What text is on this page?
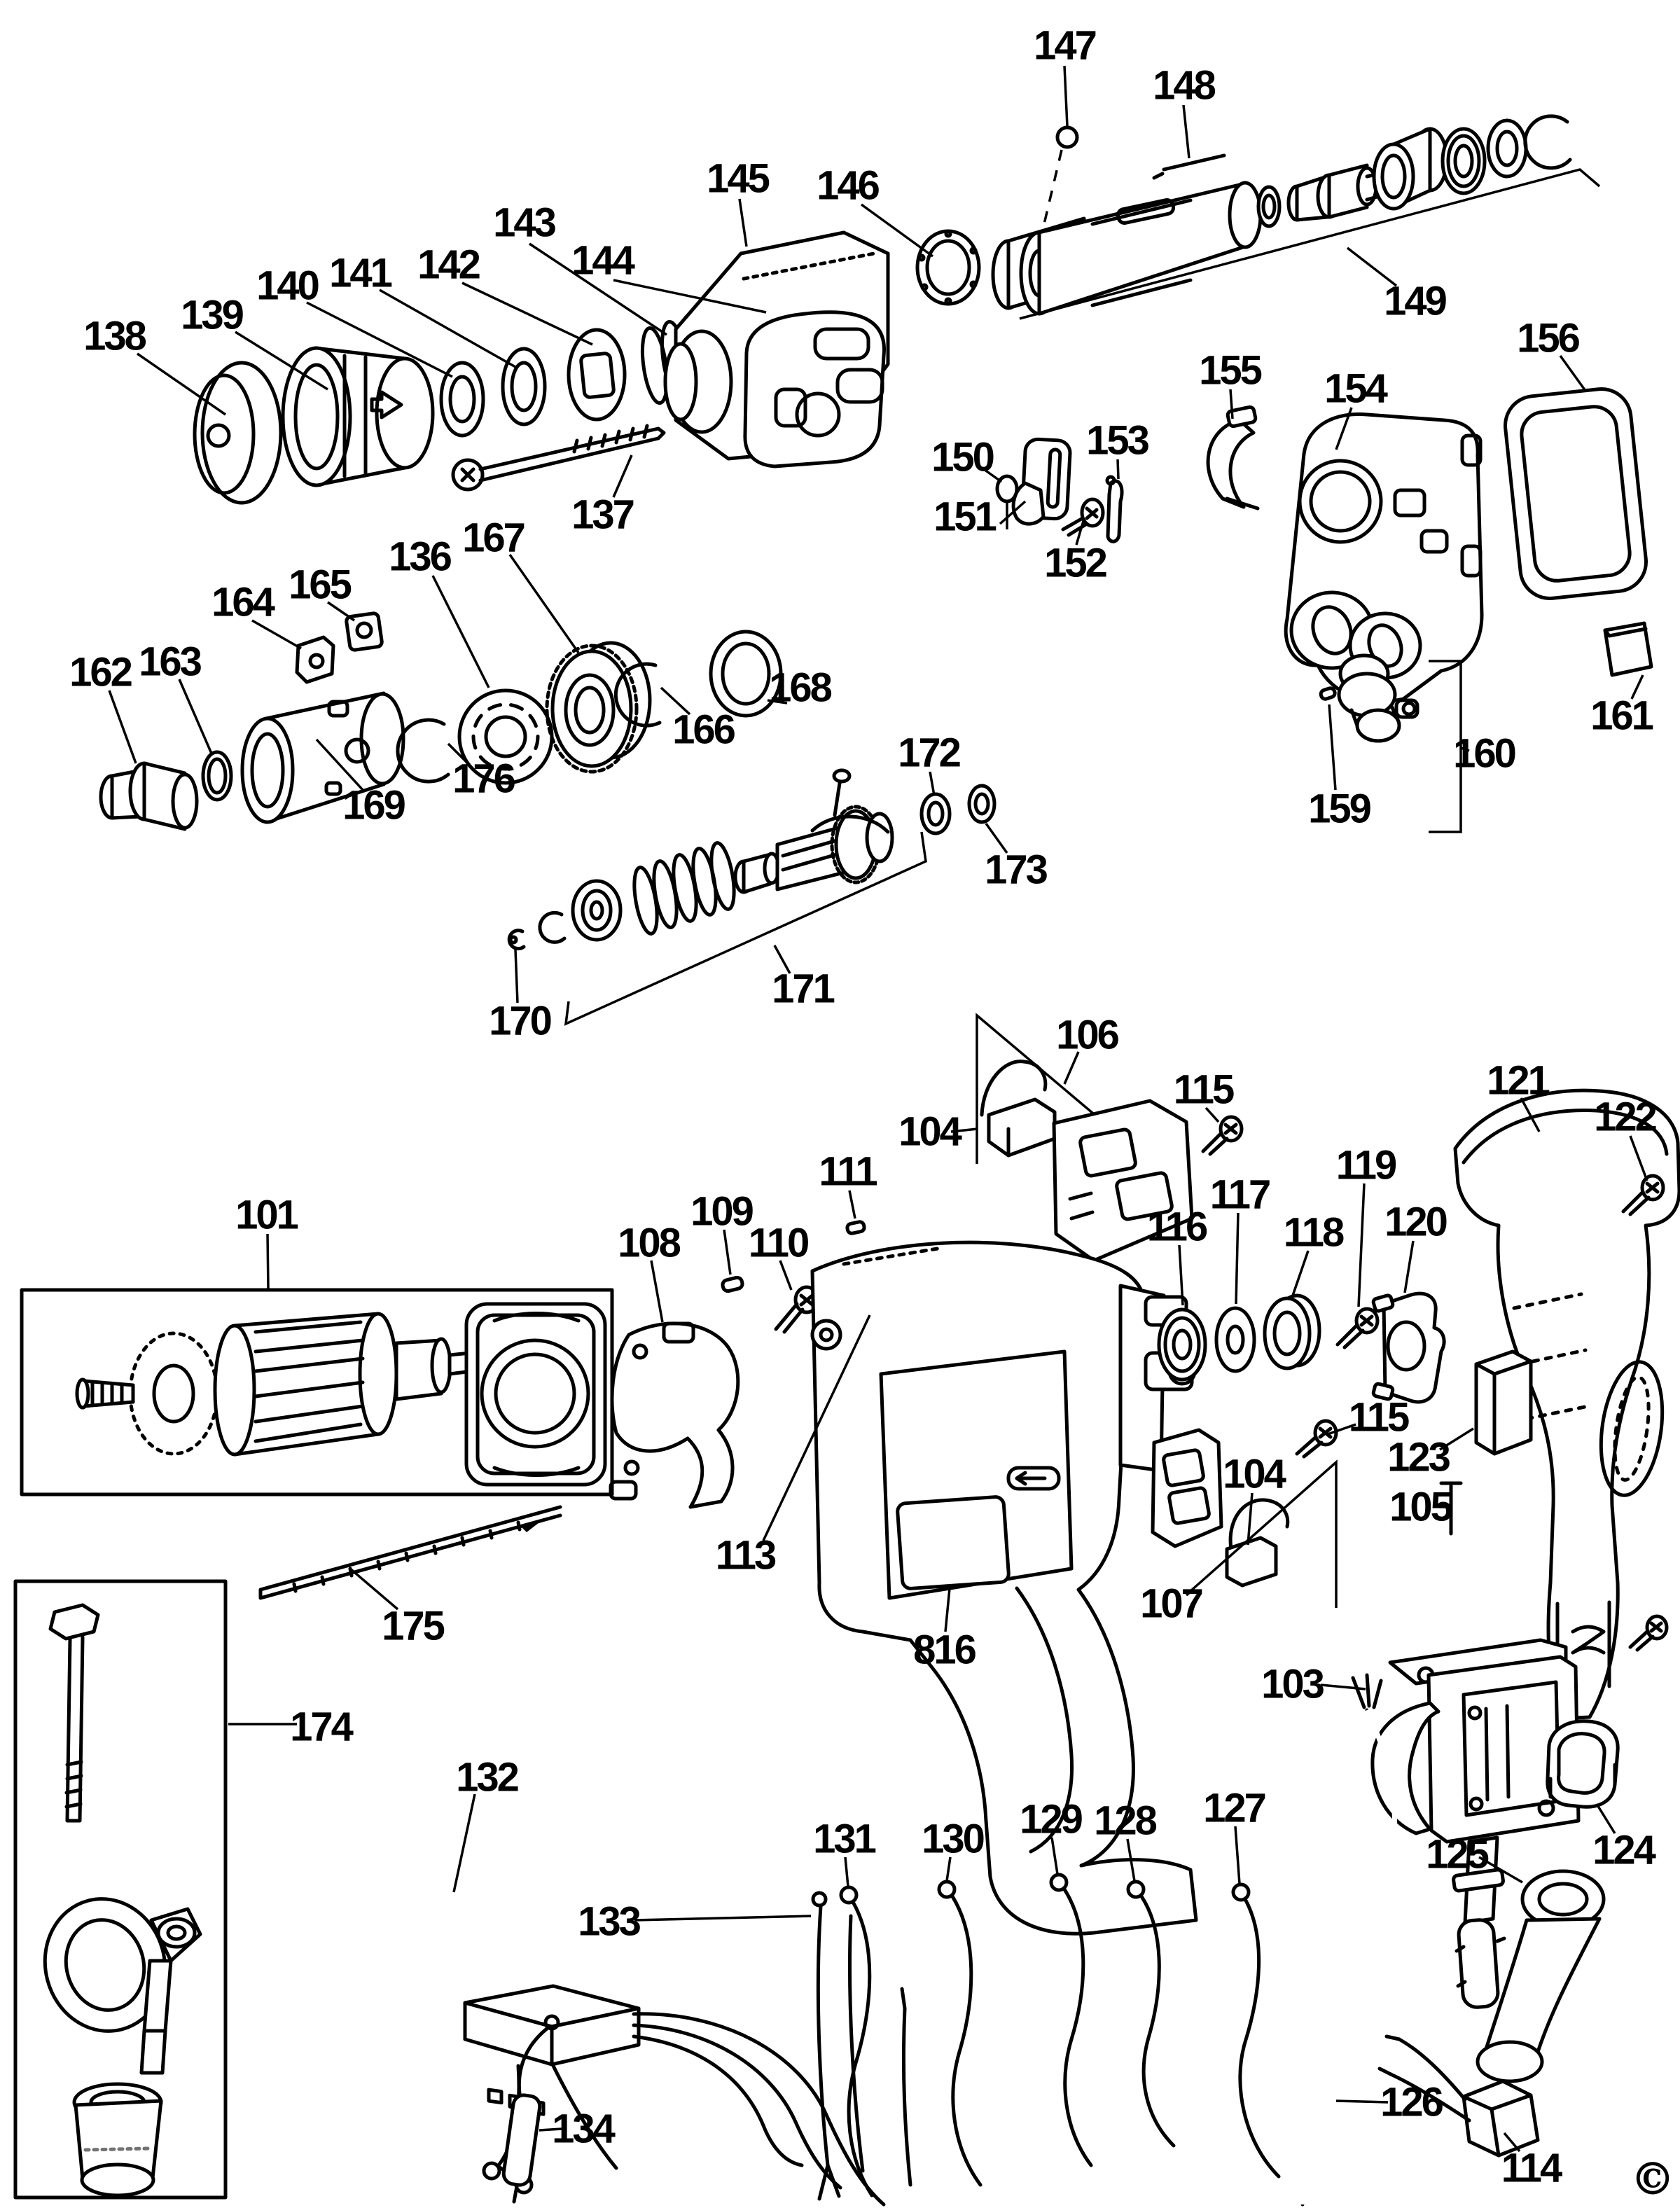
138 139
140 141 142
143
144
145 146
147
148
149
137
156
155 154
150
151
153
152
161
160
159
167
136
165
164
163
162
169
176
166
168
172
173
171
170	106
104
115	121
122
111
109
110
108
101	116
117
118
119
120
115
123
105
104
113
107
816
103
124
125
174
175
132
133
134
131 130 129 128 127
126
114 ©
